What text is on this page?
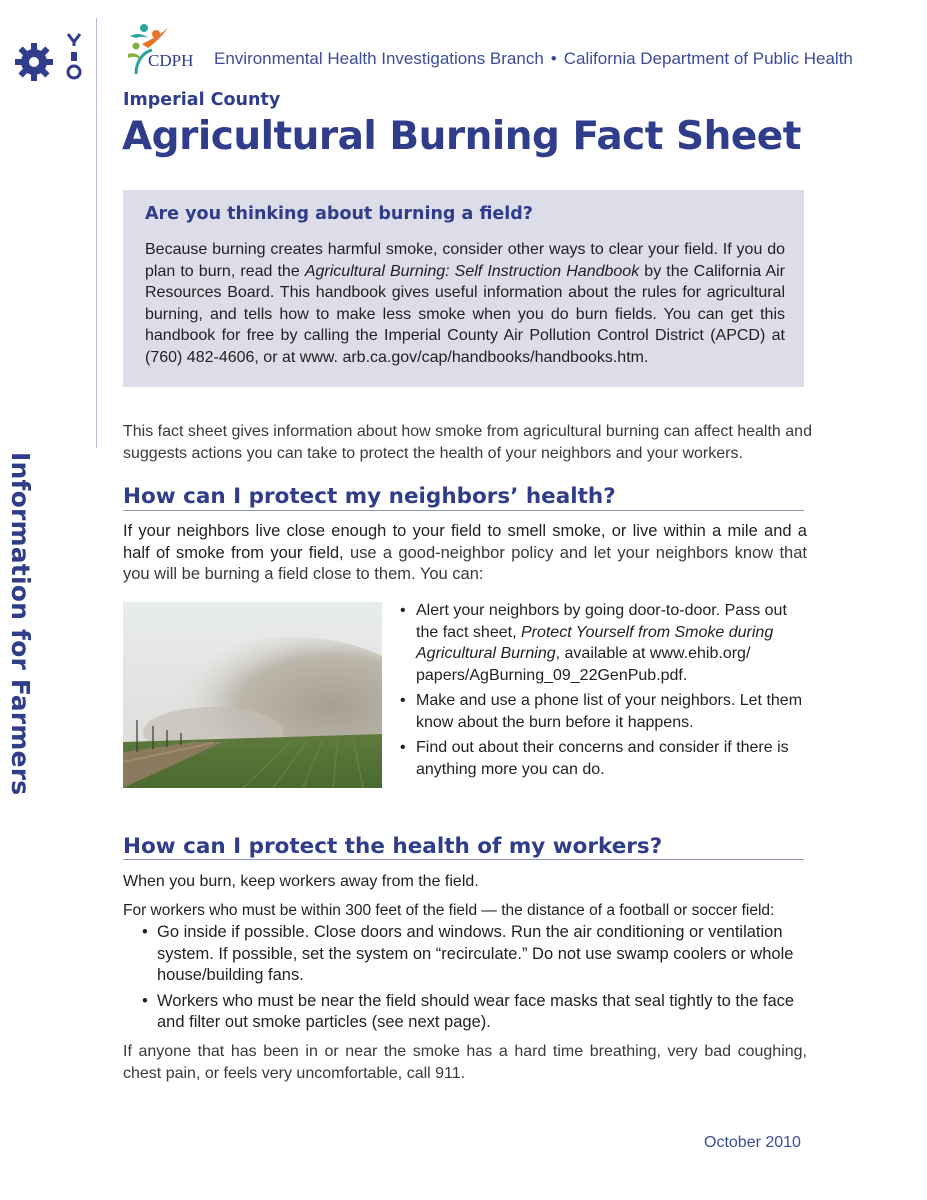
Information for Farmers
CDPH Environmental Health Investigations Branch • California Department of Public Health
Imperial County
Agricultural Burning Fact Sheet
Are you thinking about burning a field?

Because burning creates harmful smoke, consider other ways to clear your field. If you do plan to burn, read the Agricultural Burning: Self Instruction Handbook by the California Air Resources Board. This handbook gives useful information about the rules for agricultural burning, and tells how to make less smoke when you do burn fields. You can get this handbook for free by calling the Imperial County Air Pollution Control District (APCD) at (760) 482-4606, or at www. arb.ca.gov/cap/handbooks/handbooks.htm.

This fact sheet gives information about how smoke from agricultural burning can affect health and suggests actions you can take to protect the health of your neighbors and your workers.
How can I protect my neighbors’ health?
If your neighbors live close enough to your field to smell smoke, or live within a mile and a half of smoke from your field, use a good-neighbor policy and let your neighbors know that you will be burning a field close to them. You can:
• Alert your neighbors by going door-to-door. Pass out the fact sheet, Protect Yourself from Smoke during Agricultural Burning, available at www.ehib.org/ papers/AgBurning_09_22GenPub.pdf.
• Make and use a phone list of your neighbors. Let them know about the burn before it happens.
• Find out about their concerns and consider if there is anything more you can do.
How can I protect the health of my workers?
When you burn, keep workers away from the field.
For workers who must be within 300 feet of the field — the distance of a football or soccer field:
• Go inside if possible. Close doors and windows. Run the air conditioning or ventilation system. If possible, set the system on “recirculate.” Do not use swamp coolers or whole house/building fans.
• Workers who must be near the field should wear face masks that seal tightly to the face and filter out smoke particles (see next page).
If anyone that has been in or near the smoke has a hard time breathing, very bad coughing, chest pain, or feels very uncomfortable, call 911.
October 2010
